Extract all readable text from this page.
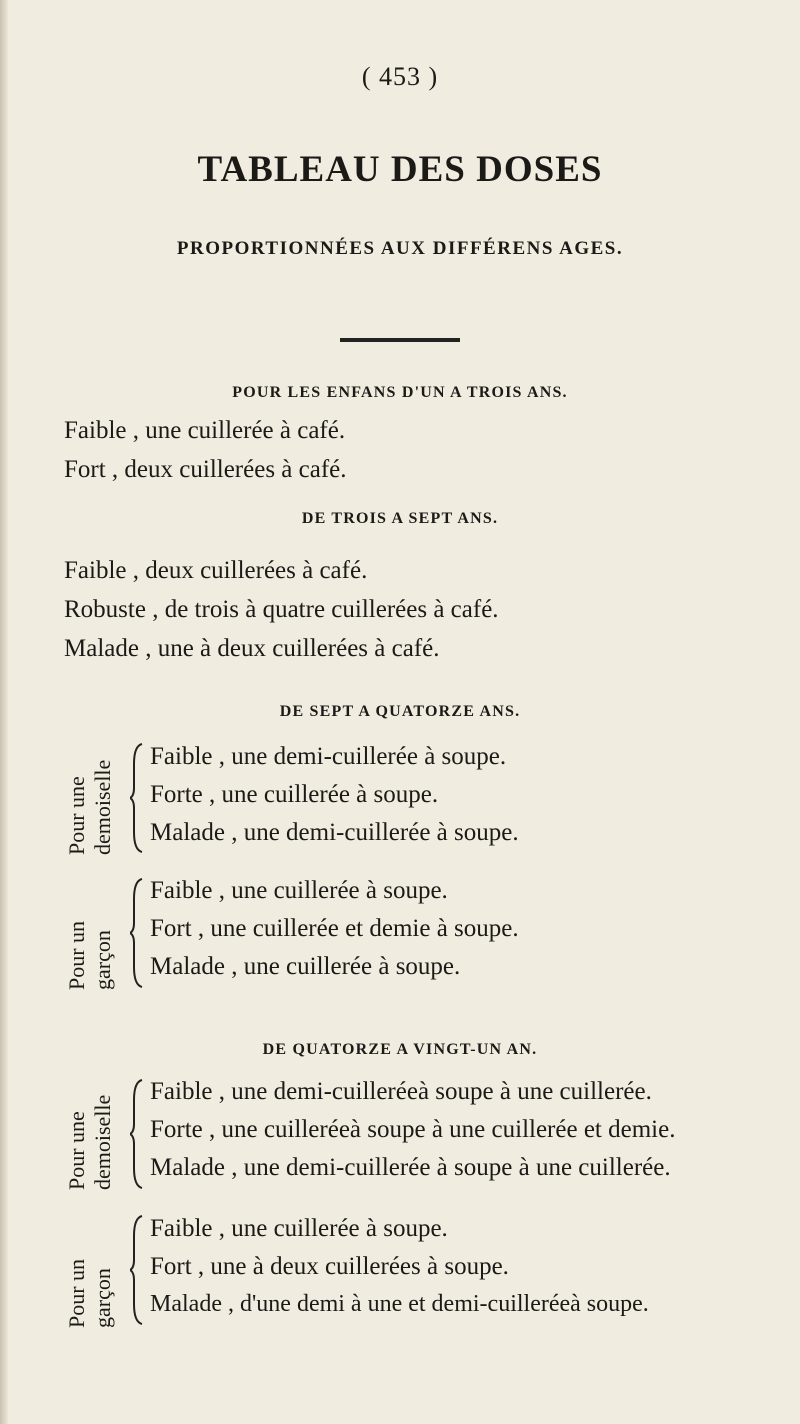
( 453 )
TABLEAU DES DOSES
PROPORTIONNÉES AUX DIFFÉRENS AGES.
POUR LES ENFANS D'UN A TROIS ANS.
Faible , une cuillerée à café.
Fort , deux cuillerées à café.
DE TROIS A SEPT ANS.
Faible , deux cuillerées à café.
Robuste , de trois à quatre cuillerées à café.
Malade , une à deux cuillerées à café.
DE SEPT A QUATORZE ANS.
Pour une demoiselle
Faible , une demi-cuillerée à soupe.
Forte , une cuillerée à soupe.
Malade , une demi-cuillerée à soupe.
Pour un garçon
Faible , une cuillerée à soupe.
Fort , une cuillerée et demie à soupe.
Malade , une cuillerée à soupe.
DE QUATORZE A VINGT-UN AN.
Pour une demoiselle
Faible , une demi-cuilleréeà soupe à une cuillerée.
Forte , une cuilleréeà soupe à une cuillerée et demie.
Malade , une demi-cuillerée à soupe à une cuillerée.
Pour un garçon
Faible , une cuillerée à soupe.
Fort , une à deux cuillerées à soupe.
Malade , d'une demi à une et demi-cuilleréeà soupe.
